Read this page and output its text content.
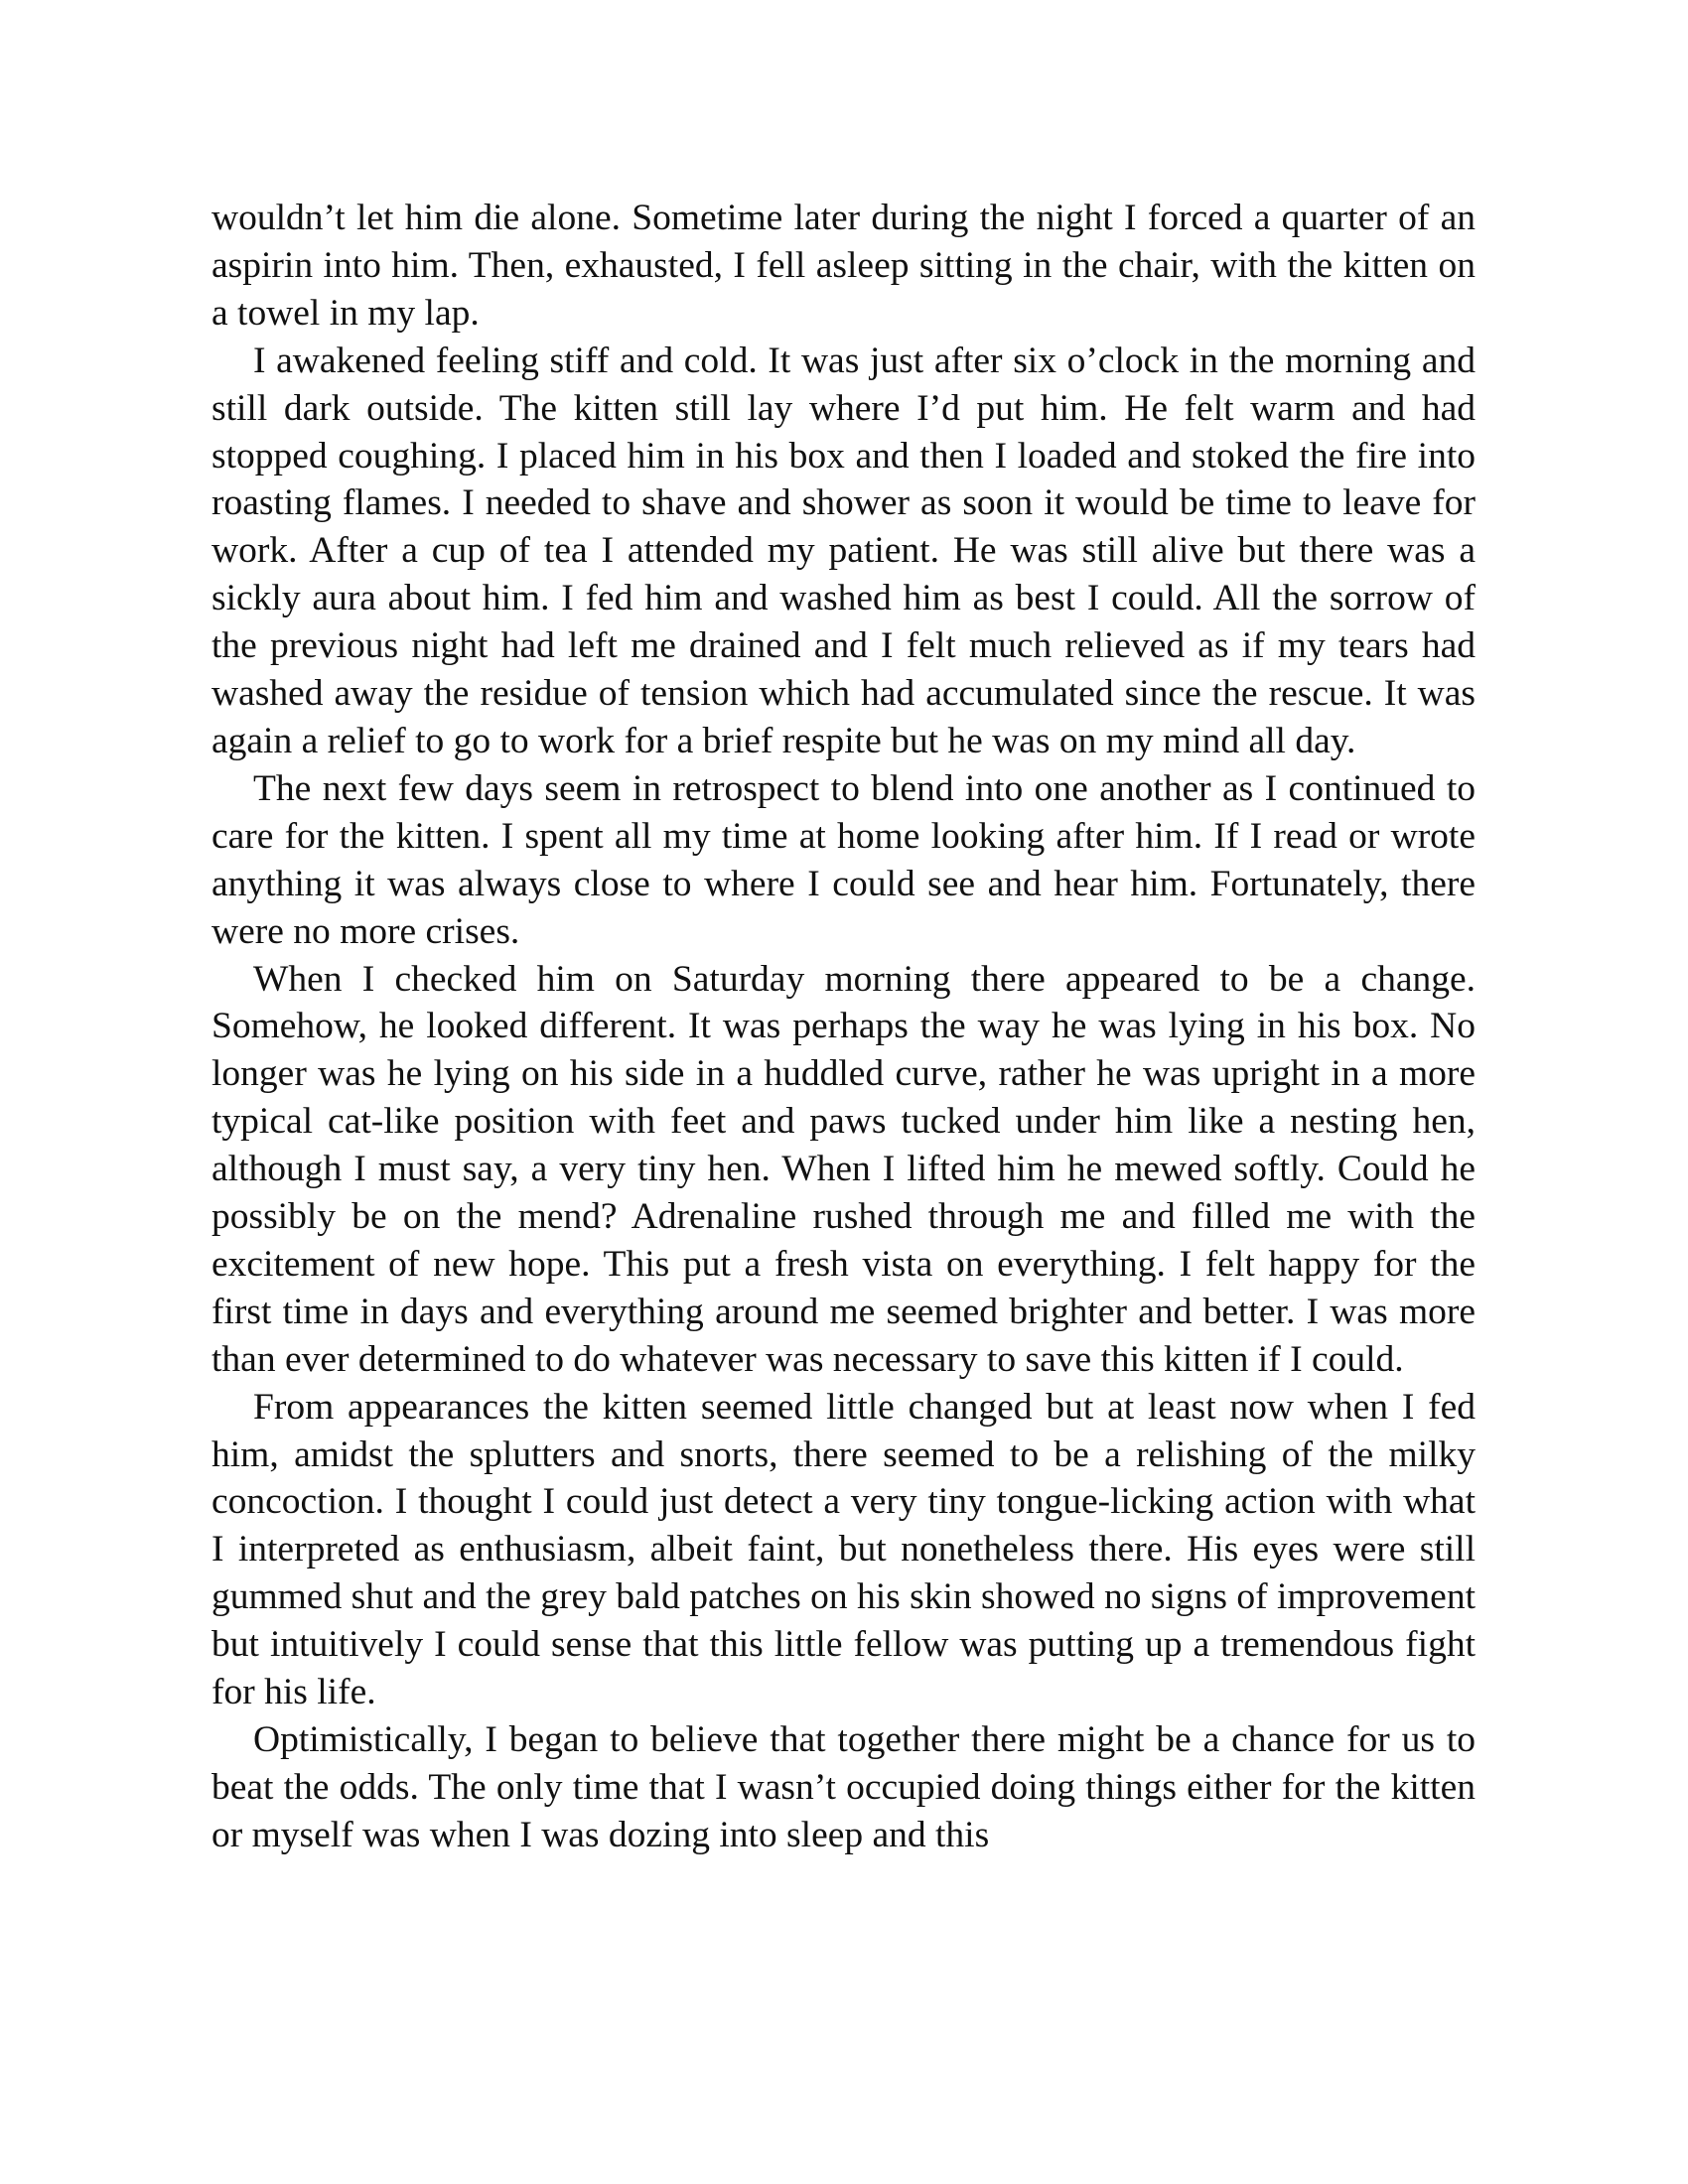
wouldn’t let him die alone. Sometime later during the night I forced a quarter of an aspirin into him. Then, exhausted, I fell asleep sitting in the chair, with the kitten on a towel in my lap.

I awakened feeling stiff and cold. It was just after six o’clock in the morning and still dark outside. The kitten still lay where I’d put him. He felt warm and had stopped coughing. I placed him in his box and then I loaded and stoked the fire into roasting flames. I needed to shave and shower as soon it would be time to leave for work. After a cup of tea I attended my patient. He was still alive but there was a sickly aura about him. I fed him and washed him as best I could. All the sorrow of the previous night had left me drained and I felt much relieved as if my tears had washed away the residue of tension which had accumulated since the rescue. It was again a relief to go to work for a brief respite but he was on my mind all day.

The next few days seem in retrospect to blend into one another as I continued to care for the kitten. I spent all my time at home looking after him. If I read or wrote anything it was always close to where I could see and hear him. Fortunately, there were no more crises.

When I checked him on Saturday morning there appeared to be a change. Somehow, he looked different. It was perhaps the way he was lying in his box. No longer was he lying on his side in a huddled curve, rather he was upright in a more typical cat-like position with feet and paws tucked under him like a nesting hen, although I must say, a very tiny hen. When I lifted him he mewed softly. Could he possibly be on the mend? Adrenaline rushed through me and filled me with the excitement of new hope. This put a fresh vista on everything. I felt happy for the first time in days and everything around me seemed brighter and better. I was more than ever determined to do whatever was necessary to save this kitten if I could.

From appearances the kitten seemed little changed but at least now when I fed him, amidst the splutters and snorts, there seemed to be a relishing of the milky concoction. I thought I could just detect a very tiny tongue-licking action with what I interpreted as enthusiasm, albeit faint, but nonetheless there. His eyes were still gummed shut and the grey bald patches on his skin showed no signs of improvement but intuitively I could sense that this little fellow was putting up a tremendous fight for his life.

Optimistically, I began to believe that together there might be a chance for us to beat the odds. The only time that I wasn’t occupied doing things either for the kitten or myself was when I was dozing into sleep and this
